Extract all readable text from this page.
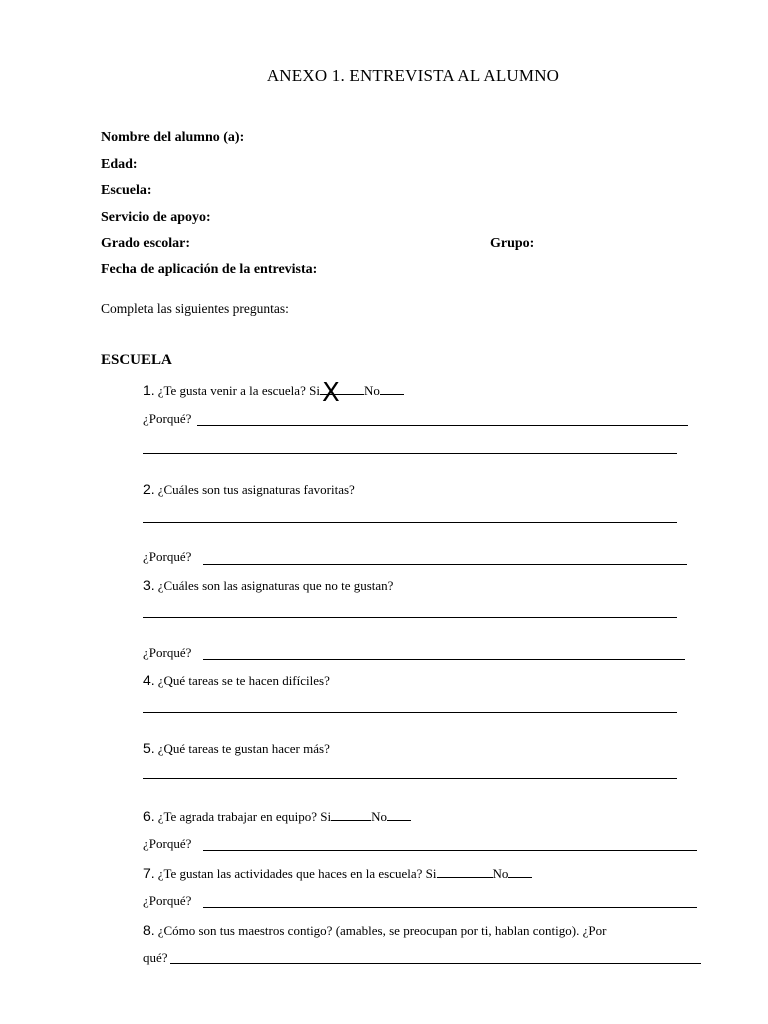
ANEXO 1. ENTREVISTA AL ALUMNO
Nombre del alumno (a):
Edad:
Escuela:
Servicio de apoyo:
Grado escolar:	Grupo:
Fecha de aplicación de la entrevista:
Completa las siguientes preguntas:
ESCUELA
1. ¿Te gusta venir a la escuela? Si	No
X
¿Porqué?
2. ¿Cuáles son tus asignaturas favoritas?
¿Porqué?
3. ¿Cuáles son las asignaturas que no te gustan?
¿Porqué?
4. ¿Qué tareas se te hacen difíciles?
5. ¿Qué tareas te gustan hacer más?
6. ¿Te agrada trabajar en equipo? Si	No
¿Porqué?
7. ¿Te gustan las actividades que haces en la escuela? Si	No
¿Porqué?
8. ¿Cómo son tus maestros contigo? (amables, se preocupan por ti, hablan contigo). ¿Por
qué?
